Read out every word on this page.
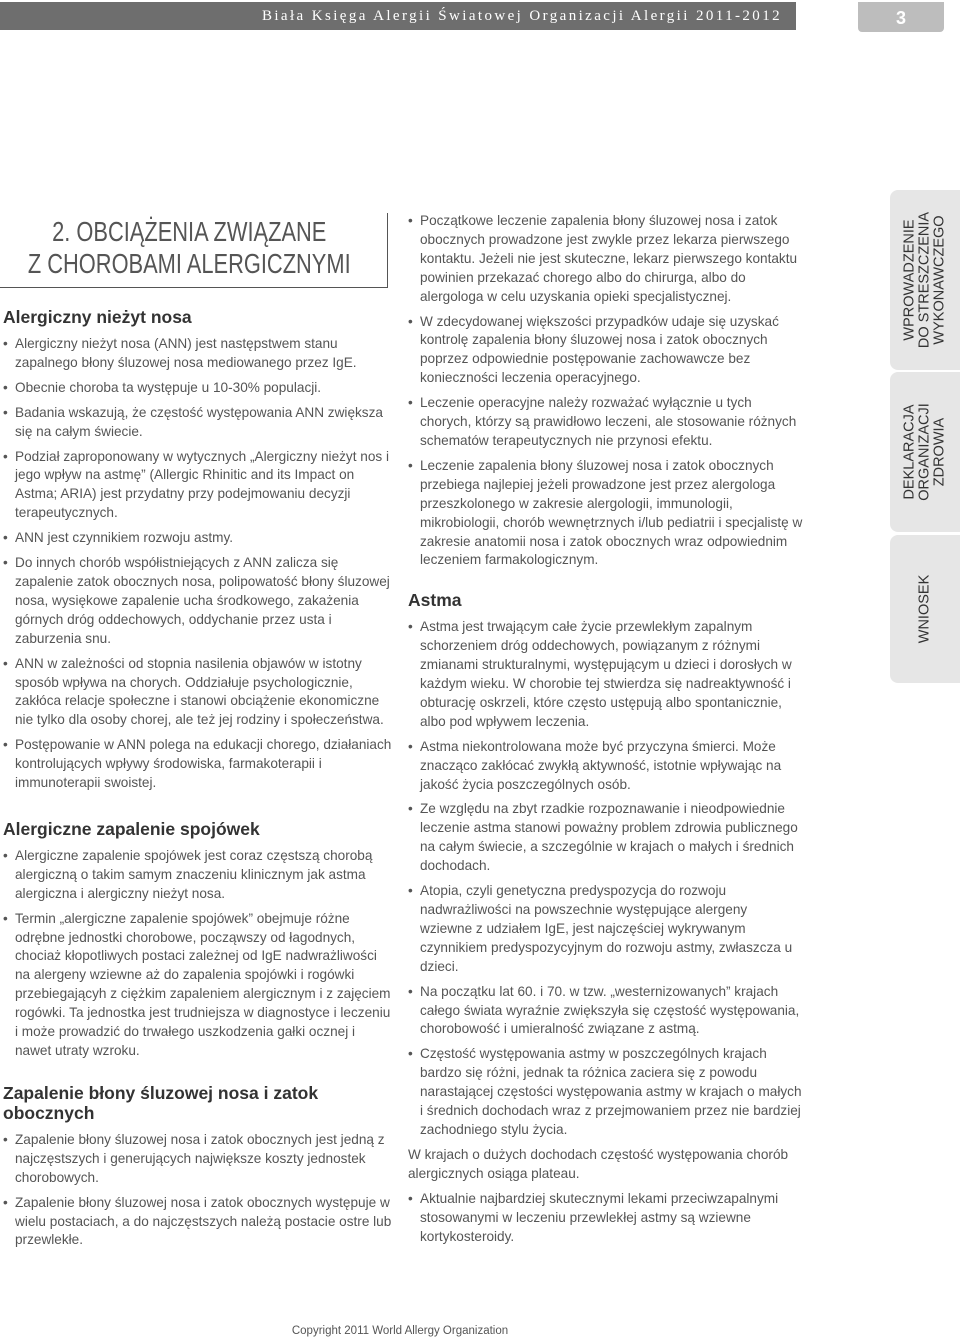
Biała Księga Alergii Światowej Organizacji Alergii 2011-2012	3
2. OBCIĄŻENIA ZWIĄZANE
Z CHOROBAMI ALERGICZNYMI
Alergiczny nieżyt nosa
• Alergiczny nieżyt nosa (ANN) jest następstwem stanu zapalnego błony śluzowej nosa mediowanego przez IgE.
• Obecnie choroba ta występuje u 10-30% populacji.
• Badania wskazują, że częstość występowania ANN zwiększa się na całym świecie.
• Podział zaproponowany w wytycznych „Alergiczny nieżyt nos i jego wpływ na astmę” (Allergic Rhinitic and its Impact on Astma; ARIA) jest przydatny przy podejmowaniu decyzji terapeutycznych.
• ANN jest czynnikiem rozwoju astmy.
• Do innych chorób współistniejących z ANN zalicza się zapalenie zatok obocznych nosa, polipowatość błony śluzowej nosa, wysiękowe zapalenie ucha środkowego, zakażenia górnych dróg oddechowych, oddychanie przez usta i zaburzenia snu.
• ANN w zależności od stopnia nasilenia objawów w istotny sposób wpływa na chorych. Oddziałuje psychologicznie, zakłóca relacje społeczne i stanowi obciążenie ekonomiczne nie tylko dla osoby chorej, ale też jej rodziny i społeczeństwa.
• Postępowanie w ANN polega na edukacji chorego, działaniach kontrolujących wpływy środowiska, farmakoterapii i immunoterapii swoistej.
Alergiczne zapalenie spojówek
• Alergiczne zapalenie spojówek jest coraz częstszą chorobą alergiczną o takim samym znaczeniu klinicznym jak astma alergiczna i alergiczny nieżyt nosa.
• Termin „alergiczne zapalenie spojówek” obejmuje różne odrębne jednostki chorobowe, począwszy od łagodnych, chociaż kłopotliwych postaci zależnej od IgE nadwrażliwości na alergeny wziewne aż do zapalenia spojówki i rogówki przebiegającyh z ciężkim zapaleniem alergicznym i z zajęciem rogówki. Ta jednostka jest trudniejsza w diagnostyce i leczeniu i może prowadzić do trwałego uszkodzenia gałki ocznej i nawet utraty wzroku.
Zapalenie błony śluzowej nosa i zatok obocznych
• Zapalenie błony śluzowej nosa i zatok obocznych jest jedną z najczęstszych i generujących największe koszty jednostek chorobowych.
• Zapalenie błony śluzowej nosa i zatok obocznych występuje w wielu postaciach, a do najczęstszych należą postacie ostre lub przewlekłe.
• Początkowe leczenie zapalenia błony śluzowej nosa i zatok obocznych prowadzone jest zwykle przez lekarza pierwszego kontaktu. Jeżeli nie jest skuteczne, lekarz pierwszego kontaktu powinien przekazać chorego albo do chirurga, albo do alergologa w celu uzyskania opieki specjalistycznej.
• W zdecydowanej większości przypadków udaje się uzyskać kontrolę zapalenia błony śluzowej nosa i zatok obocznych poprzez odpowiednie postępowanie zachowawcze bez konieczności leczenia operacyjnego.
• Leczenie operacyjne należy rozważać wyłącznie u tych chorych, którzy są prawidłowo leczeni, ale stosowanie różnych schematów terapeutycznych nie przynosi efektu.
• Leczenie zapalenia błony śluzowej nosa i zatok obocznych przebiega najlepiej jeżeli prowadzone jest przez alergologa przeszkolonego w zakresie alergologii, immunologii, mikrobiologii, chorób wewnętrznych i/lub pediatrii i specjalistę w zakresie anatomii nosa i zatok obocznych wraz odpowiednim leczeniem farmakologicznym.
Astma
• Astma jest trwającym całe życie przewlekłym zapalnym schorzeniem dróg oddechowych, powiązanym z różnymi zmianami strukturalnymi, występującym u dzieci i dorosłych w każdym wieku. W chorobie tej stwierdza się nadreaktywność i obturację oskrzeli, które często ustępują albo spontanicznie, albo pod wpływem leczenia.
• Astma niekontrolowana może być przyczyna śmierci. Może znacząco zakłócać zwykłą aktywność, istotnie wpływając na jakość życia poszczególnych osób.
• Ze względu na zbyt rzadkie rozpoznawanie i nieodpowiednie leczenie astma stanowi poważny problem zdrowia publicznego na całym świecie, a szczególnie w krajach o małych i średnich dochodach.
• Atopia, czyli genetyczna predyspozycja do rozwoju nadwrażliwości na powszechnie występujące alergeny wziewne z udziałem IgE, jest najczęściej wykrywanym czynnikiem predyspozycyjnym do rozwoju astmy, zwłaszcza u dzieci.
• Na początku lat 60. i 70. w tzw. „westernizowanych” krajach całego świata wyraźnie zwiększyła się częstość występowania, chorobowość i umieralność związane z astmą.
• Częstość występowania astmy w poszczególnych krajach bardzo się różni, jednak ta różnica zaciera się z powodu narastającej częstości występowania astmy w krajach o małych i średnich dochodach wraz z przejmowaniem przez nie bardziej zachodniego stylu życia.

W krajach o dużych dochodach częstość występowania chorób alergicznych osiąga plateau.

• Aktualnie najbardziej skutecznymi lekami przeciwzapalnymi stosowanymi w leczeniu przewlekłej astmy są wziewne kortykosteroidy.
WPROWADZENIE DO STRESZCZENIA WYKONAWCZEGO
DEKLARACJA ORGANIZACJI ZDROWIA
WNIOSEK
Copyright 2011 World Allergy Organization
